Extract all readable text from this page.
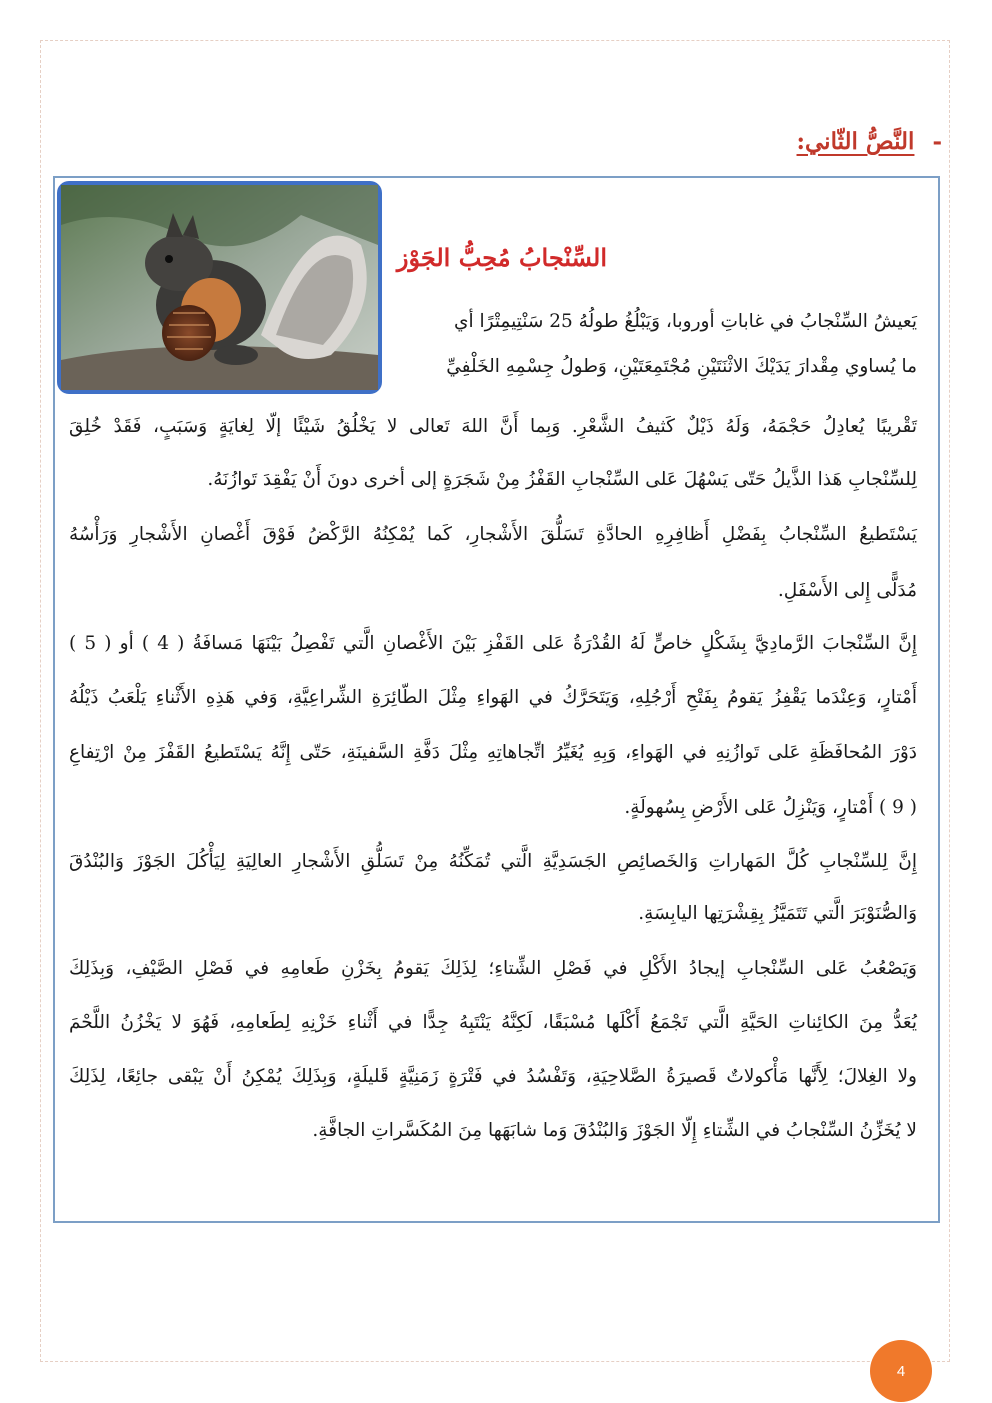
-النَّصُّ الثّاني:
السِّنْجابُ مُحِبُّ الجَوْز
يَعيشُ السِّنْجابُ في غاباتِ أوروبا، وَيَبْلُغُ طولُهُ 25 سَنْتِيمِتْرًا أي
ما يُساوي مِقْدارَ يَدَيْكَ الاثْنَتَيْنِ مُجْتَمِعَتَيْنِ، وَطولُ جِسْمِهِ الخَلْفِيِّ
تَقْريبًا يُعادِلُ حَجْمَهُ، وَلَهُ ذَيْلٌ كَثيفُ الشَّعْرِ. وَبِما أَنَّ اللهَ تَعالى لا يَخْلُقُ شَيْئًا إلّا لِغايَةٍ وَسَبَبٍ، فَقَدْ خُلِقَ
لِلسِّنْجابِ هَذا الذَّيلُ حَتّى يَسْهُلَ عَلى السِّنْجابِ القَفْزُ مِنْ شَجَرَةٍ إلى أخرى دونَ أَنْ يَفْقِدَ تَوازُنَهُ.
يَسْتَطيعُ السِّنْجابُ بِفَضْلِ أَظافِرِهِ الحادَّةِ تَسَلُّقَ الأَشْجارِ، كَما يُمْكِنُهُ الرَّكْضُ فَوْقَ أَغْصانِ الأَشْجارِ وَرَأْسُهُ
مُدَلًّى إِلى الأَسْفَلِ.
إِنَّ السِّنْجابَ الرَّمادِيَّ بِشَكْلٍ خاصٍّ لَهُ القُدْرَةُ عَلى القَفْزِ بَيْنَ الأَغْصانِ الَّتي تَفْصِلُ بَيْنَهَا مَسافَةُ ( 4 ) أو ( 5 )
أَمْتارٍ، وَعِنْدَما يَقْفِزُ يَقومُ بِفَتْحِ أَرْجُلِهِ، وَيَتَحَرَّكُ في الهَواءِ مِثْلَ الطّائِرَةِ الشِّراعِيَّةِ، وَفي هَذِهِ الأَثْناءِ يَلْعَبُ ذَيْلُهُ
دَوْرَ المُحافَظَةِ عَلى تَوازُنِهِ في الهَواءِ، وَبِهِ يُغَيِّرُ اتِّجاهاتِهِ مِثْلَ دَفَّةِ السَّفينَةِ، حَتّى إِنَّهُ يَسْتَطيعُ القَفْزَ مِنْ ارْتِفاعِ
( 9 ) أَمْتارٍ، وَيَنْزِلُ عَلى الأَرْضِ بِسُهولَةٍ.
إِنَّ لِلسِّنْجابِ كُلَّ المَهاراتِ وَالخَصائِصِ الجَسَدِيَّةِ الَّتي تُمَكِّنُهُ مِنْ تَسَلُّقِ الأَشْجارِ العالِيَةِ لِيَأْكُلَ الجَوْزَ وَالبُنْدُقَ
وَالصُّنَوْبَرَ الَّتي تَتَمَيَّزُ بِقِشْرَتِها اليابِسَةِ.
وَيَصْعُبُ عَلى السِّنْجابِ إيجادُ الأَكْلِ في فَصْلِ الشِّتاءِ؛ لِذَلِكَ يَقومُ بِخَزْنِ طَعامِهِ في فَصْلِ الصَّيْفِ، وَبِذَلِكَ
يُعَدُّ مِنَ الكائِناتِ الحَيَّةِ الَّتي تَجْمَعُ أَكْلَها مُسْبَقًا، لَكِنَّهُ يَنْتَبِهُ جِدًّا في أَثْناءِ خَزْنِهِ لِطَعامِهِ، فَهُوَ لا يَخْزُنُ اللَّحْمَ
ولا الغِلالَ؛ لِأَنَّها مَأْكولاتٌ قَصيرَةُ الصَّلاحِيَةِ، وَتَفْسُدُ في فَتْرَةٍ زَمَنِيَّةٍ قَليلَةٍ، وَبِذَلِكَ يُمْكِنُ أَنْ يَبْقى جائِعًا، لِذَلِكَ
لا يُخَزِّنُ السِّنْجابُ في الشِّتاءِ إِلّا الجَوْزَ وَالبُنْدُقَ وَما شابَهَها مِنَ المُكَسَّراتِ الجافَّةِ.
4
